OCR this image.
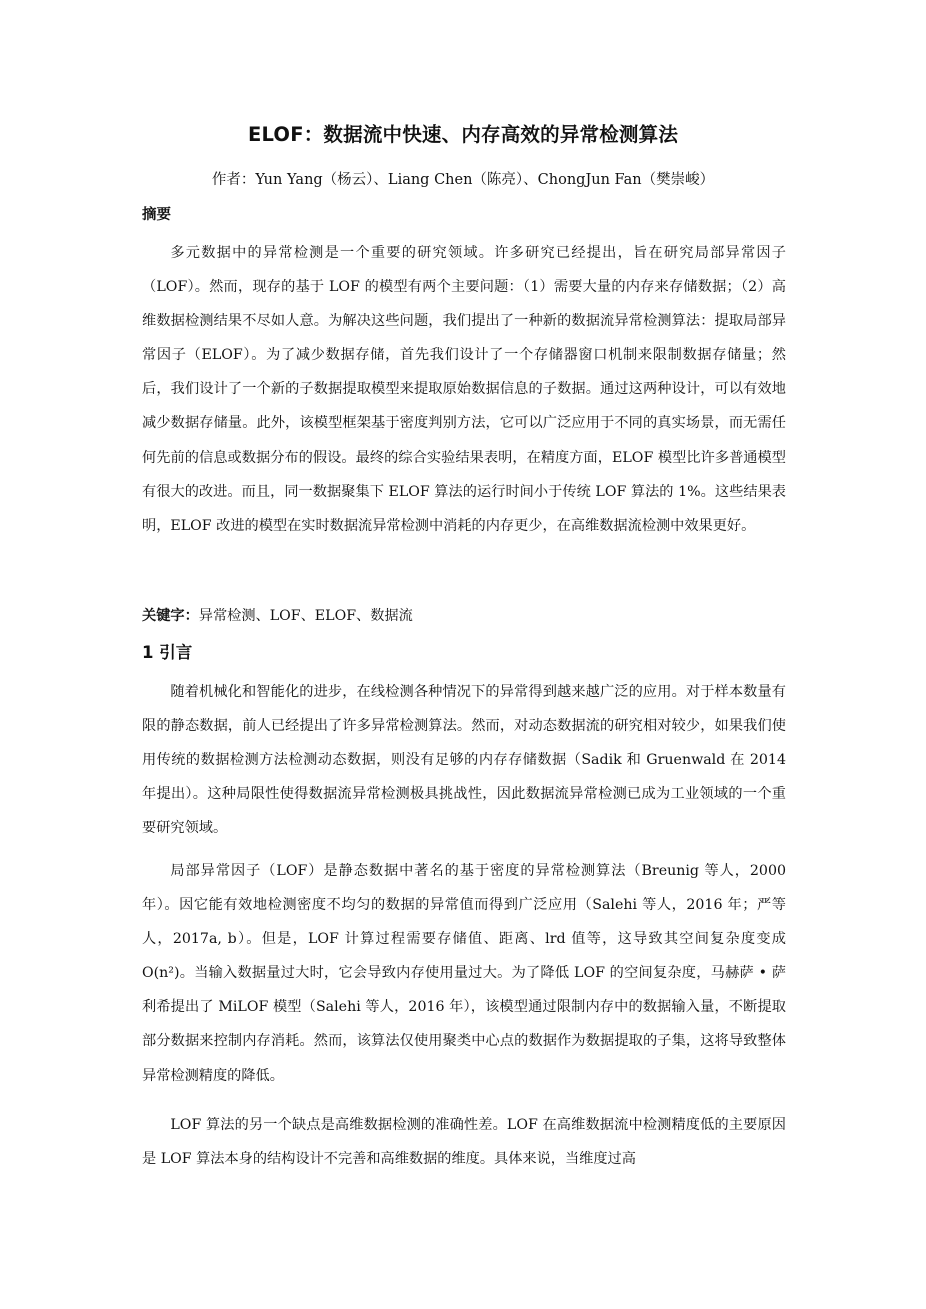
ELOF：数据流中快速、内存高效的异常检测算法
作者：Yun Yang（杨云）、Liang Chen（陈亮）、ChongJun Fan（樊崇峻）
摘要

多元数据中的异常检测是一个重要的研究领域。许多研究已经提出，旨在研究局部异常因子（LOF）。然而，现存的基于 LOF 的模型有两个主要问题：（1）需要大量的内存来存储数据；（2）高维数据检测结果不尽如人意。为解决这些问题，我们提出了一种新的数据流异常检测算法：提取局部异常因子（ELOF）。为了减少数据存储，首先我们设计了一个存储器窗口机制来限制数据存储量；然后，我们设计了一个新的子数据提取模型来提取原始数据信息的子数据。通过这两种设计，可以有效地减少数据存储量。此外，该模型框架基于密度判别方法，它可以广泛应用于不同的真实场景，而无需任何先前的信息或数据分布的假设。最终的综合实验结果表明，在精度方面，ELOF 模型比许多普通模型有很大的改进。而且，同一数据聚集下 ELOF 算法的运行时间小于传统 LOF 算法的 1%。这些结果表明，ELOF 改进的模型在实时数据流异常检测中消耗的内存更少，在高维数据流检测中效果更好。

关键字：异常检测、LOF、ELOF、数据流
1 引言

随着机械化和智能化的进步，在线检测各种情况下的异常得到越来越广泛的应用。对于样本数量有限的静态数据，前人已经提出了许多异常检测算法。然而，对动态数据流的研究相对较少，如果我们使用传统的数据检测方法检测动态数据，则没有足够的内存存储数据（Sadik 和 Gruenwald 在 2014 年提出）。这种局限性使得数据流异常检测极具挑战性，因此数据流异常检测已成为工业领域的一个重要研究领域。

局部异常因子（LOF）是静态数据中著名的基于密度的异常检测算法（Breunig 等人，2000 年）。因它能有效地检测密度不均匀的数据的异常值而得到广泛应用（Salehi 等人，2016 年；严等人，2017a, b）。但是，LOF 计算过程需要存储值、距离、lrd 值等，这导致其空间复杂度变成 O(n²)。当输入数据量过大时，它会导致内存使用量过大。为了降低 LOF 的空间复杂度，马赫萨 • 萨利希提出了 MiLOF 模型（Salehi 等人，2016 年），该模型通过限制内存中的数据输入量，不断提取部分数据来控制内存消耗。然而，该算法仅使用聚类中心点的数据作为数据提取的子集，这将导致整体异常检测精度的降低。

LOF 算法的另一个缺点是高维数据检测的准确性差。LOF 在高维数据流中检测精度低的主要原因是 LOF 算法本身的结构设计不完善和高维数据的维度。具体来说，当维度过高
